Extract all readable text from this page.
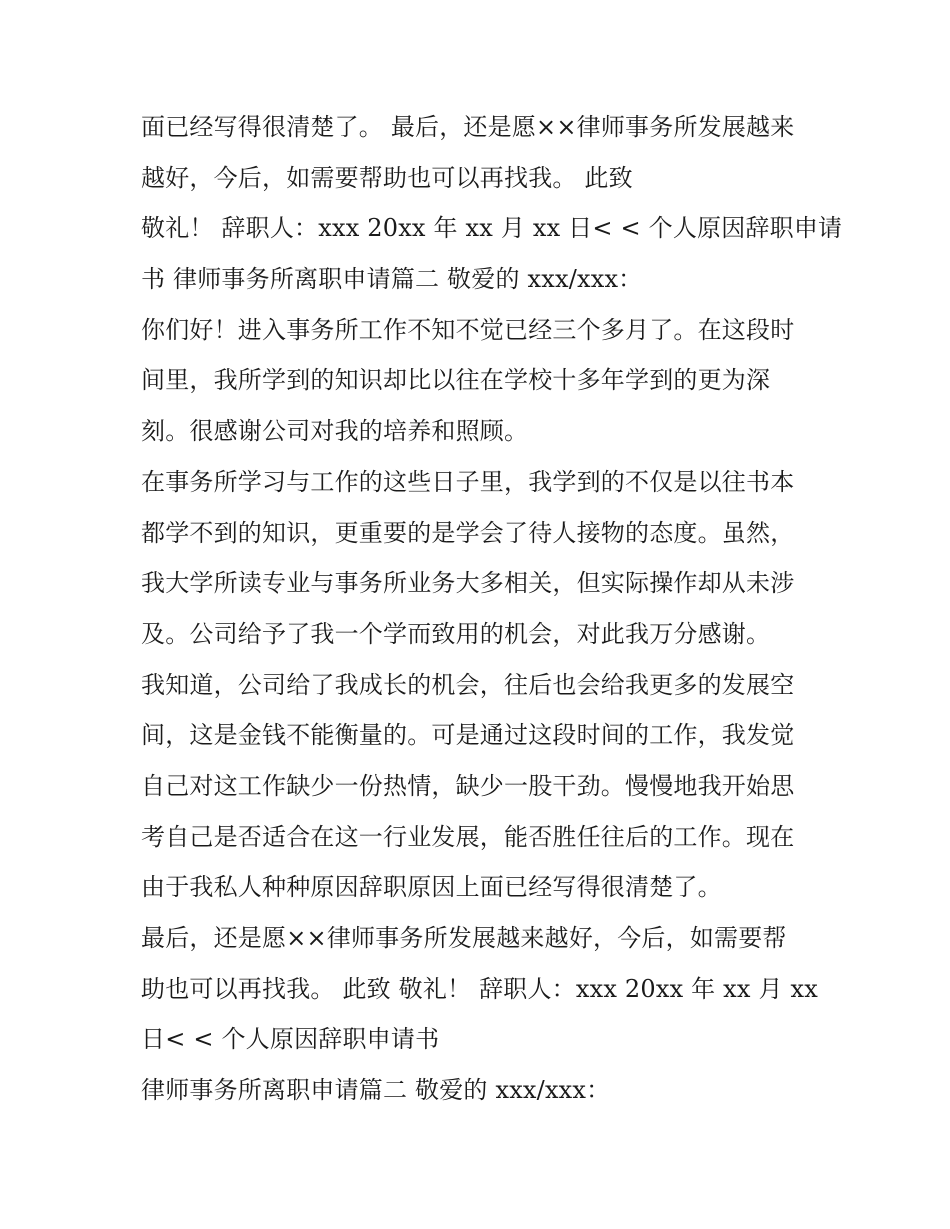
面已经写得很清楚了。 最后，还是愿××律师事务所发展越来
越好，今后，如需要帮助也可以再找我。 此致
敬礼！ 辞职人：xxx 20xx 年 xx 月 xx 日< < 个人原因辞职申请
书 律师事务所离职申请篇二 敬爱的 xxx/xxx：
你们好！进入事务所工作不知不觉已经三个多月了。在这段时
间里，我所学到的知识却比以往在学校十多年学到的更为深
刻。很感谢公司对我的培养和照顾。
在事务所学习与工作的这些日子里，我学到的不仅是以往书本
都学不到的知识，更重要的是学会了待人接物的态度。虽然，
我大学所读专业与事务所业务大多相关，但实际操作却从未涉
及。公司给予了我一个学而致用的机会，对此我万分感谢。
我知道，公司给了我成长的机会，往后也会给我更多的发展空
间，这是金钱不能衡量的。可是通过这段时间的工作，我发觉
自己对这工作缺少一份热情，缺少一股干劲。慢慢地我开始思
考自己是否适合在这一行业发展，能否胜任往后的工作。现在
由于我私人种种原因辞职原因上面已经写得很清楚了。
最后，还是愿××律师事务所发展越来越好，今后，如需要帮
助也可以再找我。 此致 敬礼！ 辞职人：xxx 20xx 年 xx 月 xx
日< < 个人原因辞职申请书
律师事务所离职申请篇二 敬爱的 xxx/xxx：
